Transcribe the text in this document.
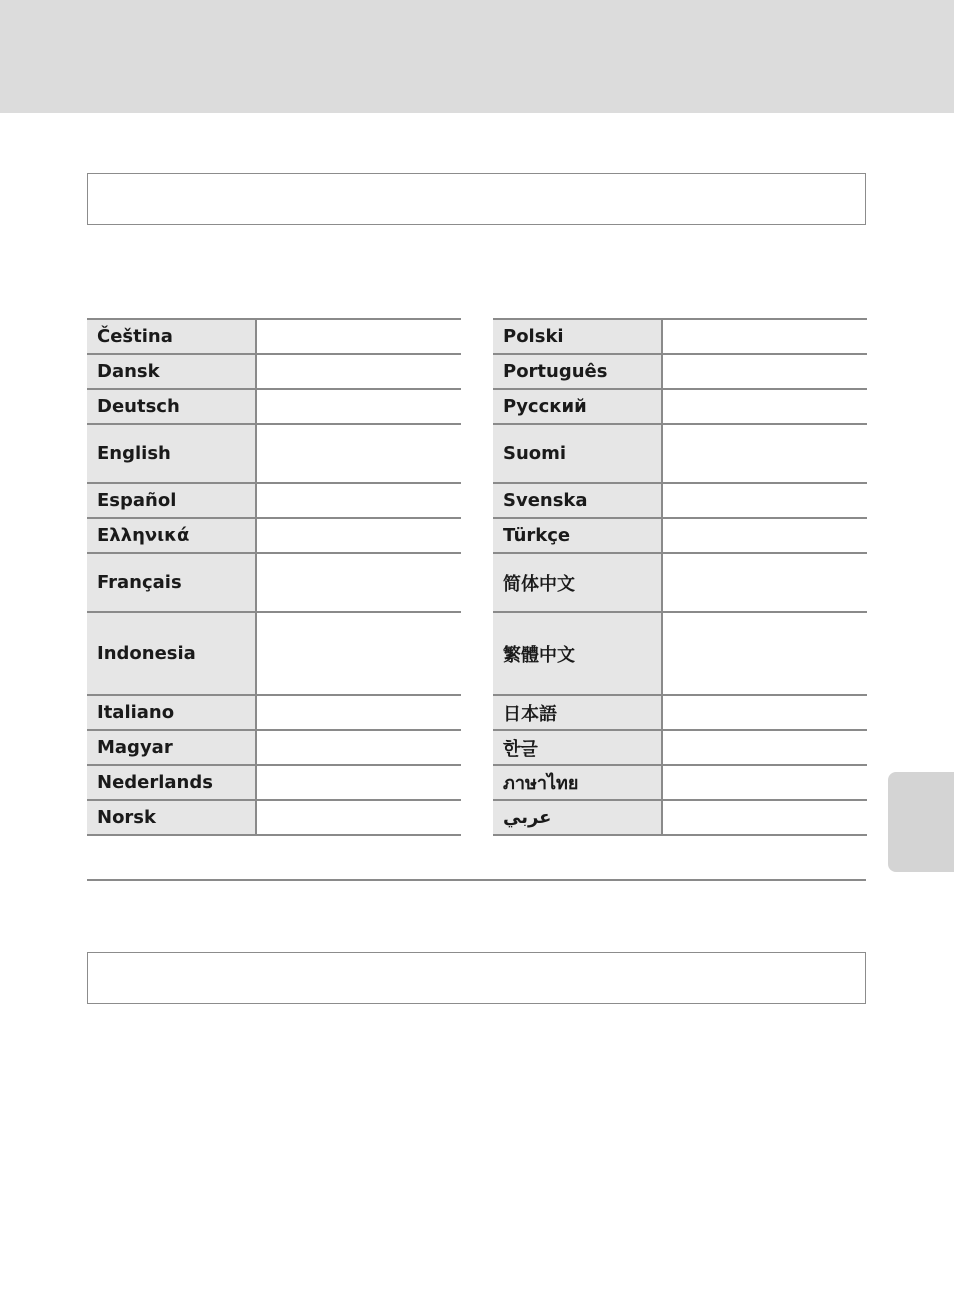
Čeština	
Dansk	
Deutsch	
English	
Español	
Ελληνικά	
Français	
Indonesia	
Italiano	
Magyar	
Nederlands	
Norsk	
Polski	
Português	
Русский	
Suomi	
Svenska	
Türkçe	
简体中文	
繁體中文	
日本語	
한글	
ภาษาไทย	
عربي	
